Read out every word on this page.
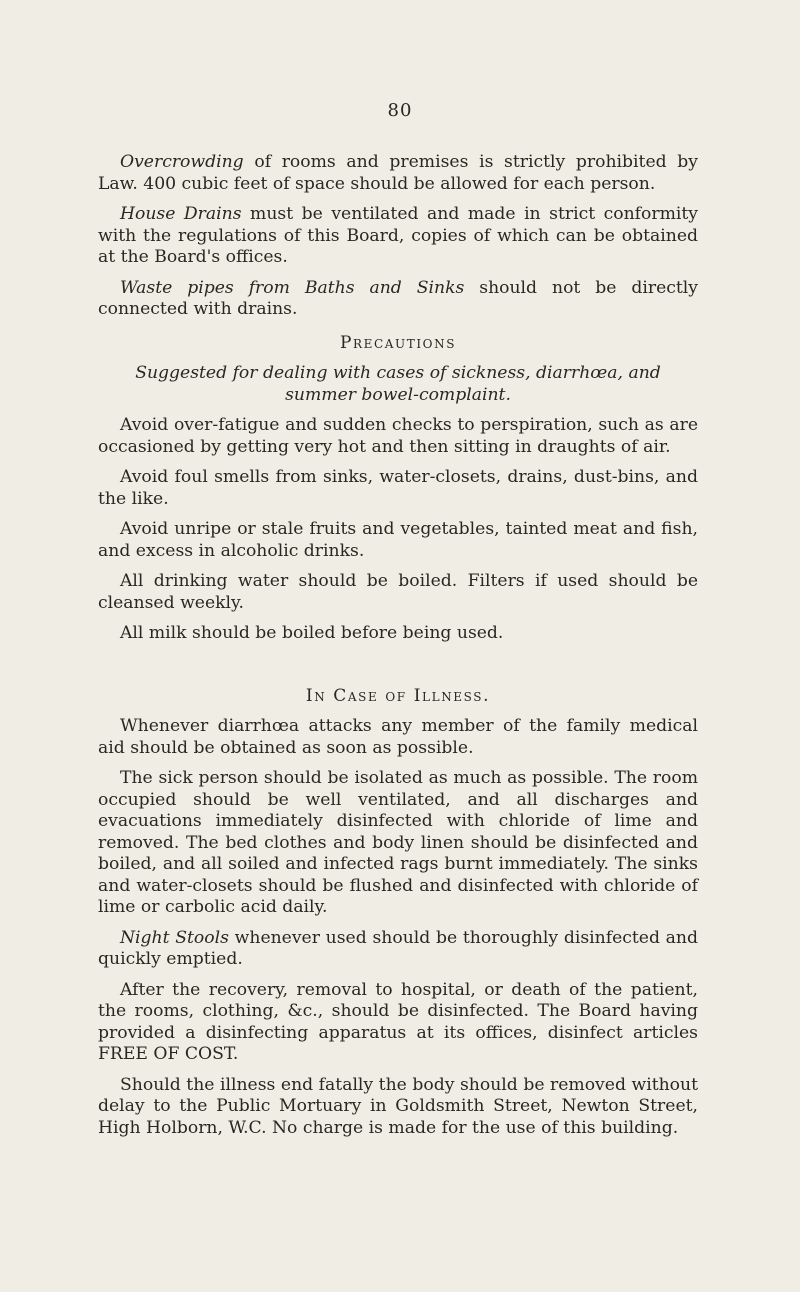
80

Overcrowding of rooms and premises is strictly prohibited by Law. 400 cubic feet of space should be allowed for each person.

House Drains must be ventilated and made in strict conformity with the regulations of this Board, copies of which can be obtained at the Board's offices.

Waste pipes from Baths and Sinks should not be directly connected with drains.

Precautions

Suggested for dealing with cases of sickness, diarrhœa, and summer bowel-complaint.

Avoid over-fatigue and sudden checks to perspiration, such as are occasioned by getting very hot and then sitting in draughts of air.

Avoid foul smells from sinks, water-closets, drains, dust-bins, and the like.

Avoid unripe or stale fruits and vegetables, tainted meat and fish, and excess in alcoholic drinks.

All drinking water should be boiled. Filters if used should be cleansed weekly.

All milk should be boiled before being used.

In Case of Illness.

Whenever diarrhœa attacks any member of the family medical aid should be obtained as soon as possible.

The sick person should be isolated as much as possible. The room occupied should be well ventilated, and all discharges and evacuations immediately disinfected with chloride of lime and removed. The bed clothes and body linen should be disinfected and boiled, and all soiled and infected rags burnt immediately. The sinks and water-closets should be flushed and disinfected with chloride of lime or carbolic acid daily.

Night Stools whenever used should be thoroughly disinfected and quickly emptied.

After the recovery, removal to hospital, or death of the patient, the rooms, clothing, &c., should be disinfected. The Board having provided a disinfecting apparatus at its offices, disinfect articles FREE OF COST.

Should the illness end fatally the body should be removed without delay to the Public Mortuary in Goldsmith Street, Newton Street, High Holborn, W.C. No charge is made for the use of this building.
